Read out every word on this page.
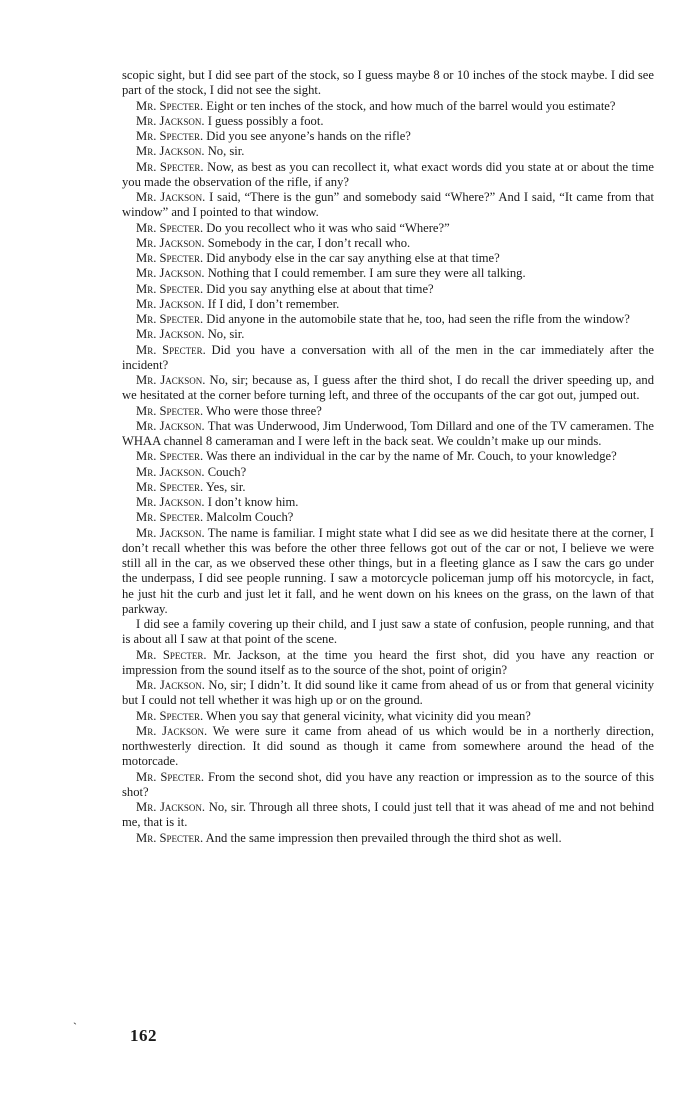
scopic sight, but I did see part of the stock, so I guess maybe 8 or 10 inches of the stock maybe. I did see part of the stock, I did not see the sight.

Mr. Specter. Eight or ten inches of the stock, and how much of the barrel would you estimate?

Mr. Jackson. I guess possibly a foot.

Mr. Specter. Did you see anyone’s hands on the rifle?

Mr. Jackson. No, sir.

Mr. Specter. Now, as best as you can recollect it, what exact words did you state at or about the time you made the observation of the rifle, if any?

Mr. Jackson. I said, “There is the gun” and somebody said “Where?” And I said, “It came from that window” and I pointed to that window.

Mr. Specter. Do you recollect who it was who said “Where?”

Mr. Jackson. Somebody in the car, I don’t recall who.

Mr. Specter. Did anybody else in the car say anything else at that time?

Mr. Jackson. Nothing that I could remember. I am sure they were all talking.

Mr. Specter. Did you say anything else at about that time?

Mr. Jackson. If I did, I don’t remember.

Mr. Specter. Did anyone in the automobile state that he, too, had seen the rifle from the window?

Mr. Jackson. No, sir.

Mr. Specter. Did you have a conversation with all of the men in the car immediately after the incident?

Mr. Jackson. No, sir; because as, I guess after the third shot, I do recall the driver speeding up, and we hesitated at the corner before turning left, and three of the occupants of the car got out, jumped out.

Mr. Specter. Who were those three?

Mr. Jackson. That was Underwood, Jim Underwood, Tom Dillard and one of the TV cameramen. The WHAA channel 8 cameraman and I were left in the back seat. We couldn’t make up our minds.

Mr. Specter. Was there an individual in the car by the name of Mr. Couch, to your knowledge?

Mr. Jackson. Couch?

Mr. Specter. Yes, sir.

Mr. Jackson. I don’t know him.

Mr. Specter. Malcolm Couch?

Mr. Jackson. The name is familiar. I might state what I did see as we did hesitate there at the corner, I don’t recall whether this was before the other three fellows got out of the car or not, I believe we were still all in the car, as we observed these other things, but in a fleeting glance as I saw the cars go under the underpass, I did see people running. I saw a motorcycle policeman jump off his motorcycle, in fact, he just hit the curb and just let it fall, and he went down on his knees on the grass, on the lawn of that parkway.

I did see a family covering up their child, and I just saw a state of confusion, people running, and that is about all I saw at that point of the scene.

Mr. Specter. Mr. Jackson, at the time you heard the first shot, did you have any reaction or impression from the sound itself as to the source of the shot, point of origin?

Mr. Jackson. No, sir; I didn’t. It did sound like it came from ahead of us or from that general vicinity but I could not tell whether it was high up or on the ground.

Mr. Specter. When you say that general vicinity, what vicinity did you mean?

Mr. Jackson. We were sure it came from ahead of us which would be in a northerly direction, northwesterly direction. It did sound as though it came from somewhere around the head of the motorcade.

Mr. Specter. From the second shot, did you have any reaction or impression as to the source of this shot?

Mr. Jackson. No, sir. Through all three shots, I could just tell that it was ahead of me and not behind me, that is it.

Mr. Specter. And the same impression then prevailed through the third shot as well.

`	162
